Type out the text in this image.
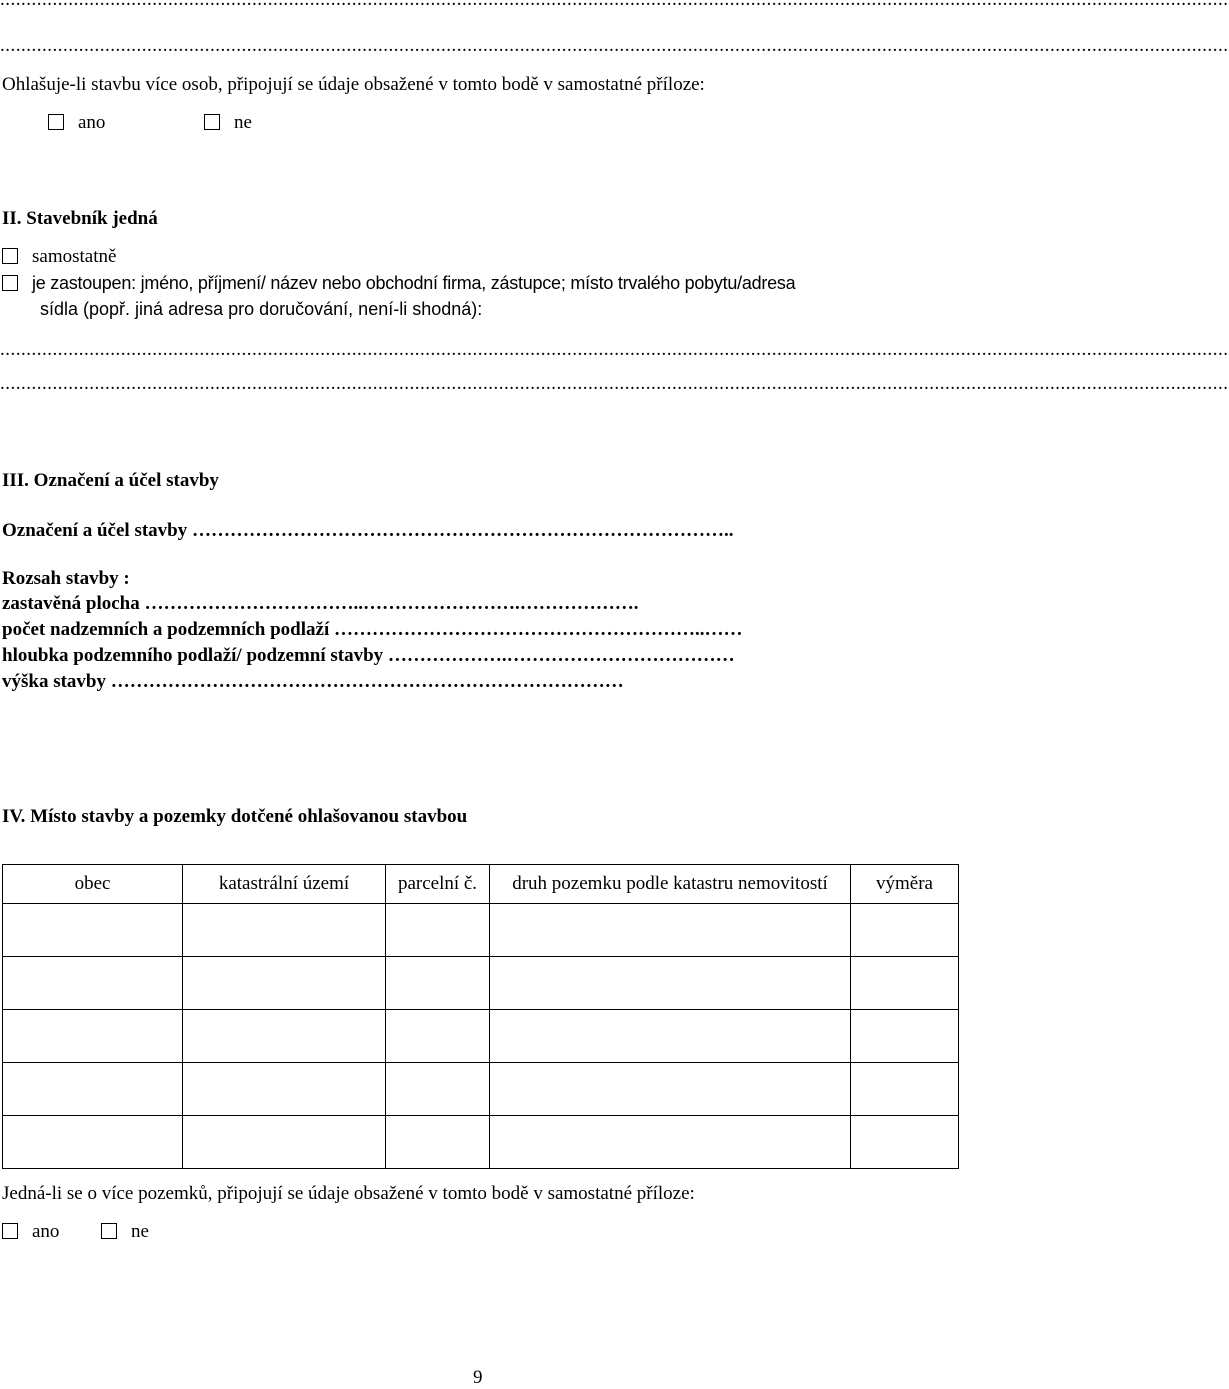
..........................................................................................................................................................................................................................................
Ohlašuje-li stavbu více osob, připojují se údaje obsažené v tomto bodě v samostatné příloze:
ano	ne
II. Stavebník jedná
samostatně
je zastoupen: jméno, příjmení/ název nebo obchodní firma, zástupce; místo trvalého pobytu/adresa
sídla (popř. jiná adresa pro doručování, není-li shodná):
..........................................................................................................................................................................................................................................
..........................................................................................................................................................................................................................................
III. Označení a účel stavby
Označení a účel stavby …………………………………………………………………………..
Rozsah stavby :
zastavěná plocha ……………………………..…………………….……………….
počet nadzemních a podzemních podlaží …………………………………………………..……
hloubka podzemního podlaží/ podzemní stavby ……………….………………………………
výška stavby ………………………………………………………………………
IV. Místo stavby a pozemky dotčené ohlašovanou stavbou
obec	katastrální území	parcelní č.	druh pozemku podle katastru nemovitostí	výměra

Jedná-li se o více pozemků, připojují se údaje obsažené v tomto bodě v samostatné příloze:
ano	ne
9
